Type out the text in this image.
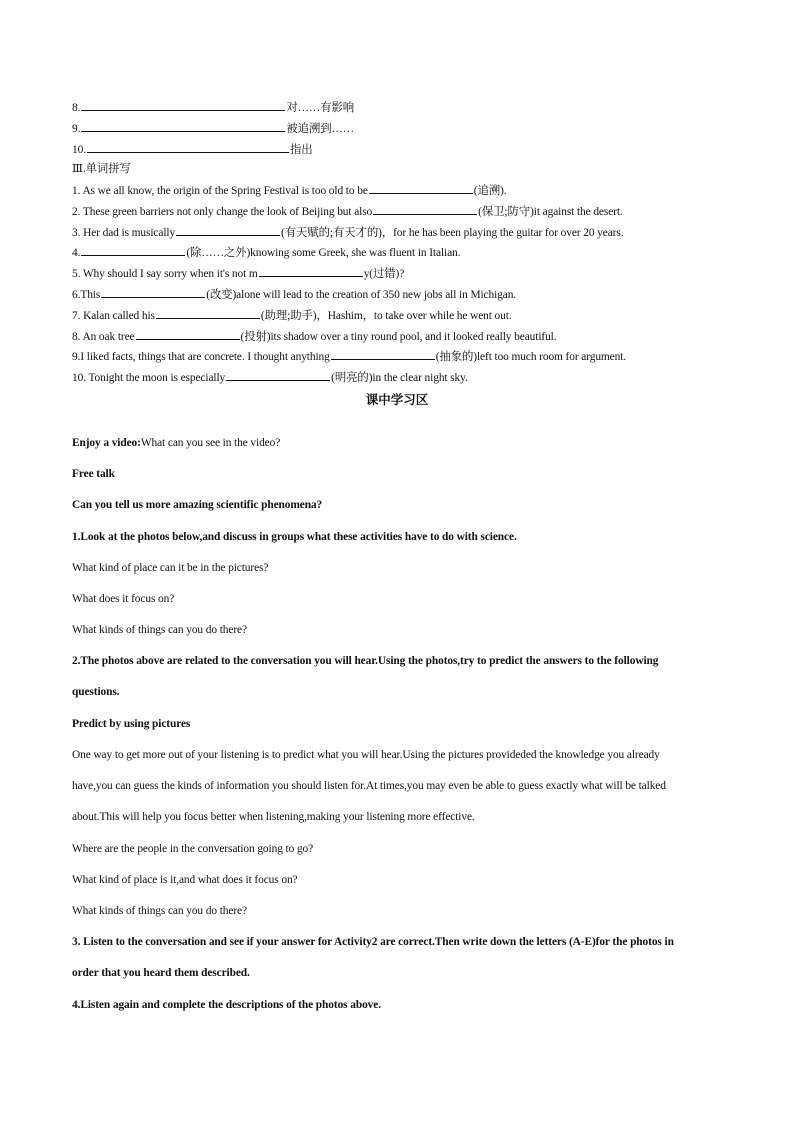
8.	对……有影响
9.	被追溯到……
10.	指出
Ⅲ.单词拼写
1. As we all know, the origin of the Spring Festival is too old to be	(追溯).
2. These green barriers not only change the look of Beijing but also	(保卫;防守)it against the desert.
3. Her dad is musically	(有天赋的;有天才的)，for he has been playing the guitar for over 20 years.
4.	(除……之外)knowing some Greek, she was fluent in Italian.
5. Why should I say sorry when it's not m	y(过错)?
6.This	(改变)alone will lead to the creation of 350 new jobs all in Michigan.
7. Kalan called his	(助理;助手)，Hashim，to take over while he went out.
8. An oak tree	(投射)its shadow over a tiny round pool, and it looked really beautiful.
9.I liked facts, things that are concrete. I thought anything	(抽象的)left too much room for argument.
10. Tonight the moon is especially	(明亮的)in the clear night sky.
课中学习区
Enjoy a video:What can you see in the video?
Free talk
Can you tell us more amazing scientific phenomena?
1.Look at the photos below,and discuss in groups what these activities have to do with science.
What kind of place can it be in the pictures?
What does it focus on?
What kinds of things can you do there?
2.The photos above are related to the conversation you will hear.Using the photos,try to predict the answers to the following
questions.
Predict by using pictures
One way to get more out of your listening is to predict what you will hear.Using the pictures provideded the knowledge you already
have,you can guess the kinds of information you should listen for.At times,you may even be able to guess exactly what will be talked
about.This will help you focus better when listening,making your listening more effective.
Where are the people in the conversation going to go?
What kind of place is it,and what does it focus on?
What kinds of things can you do there?
3. Listen to the conversation and see if your answer for Activity2 are correct.Then write down the letters (A-E)for the photos in
order that you heard them described.
4.Listen again and complete the descriptions of the photos above.
